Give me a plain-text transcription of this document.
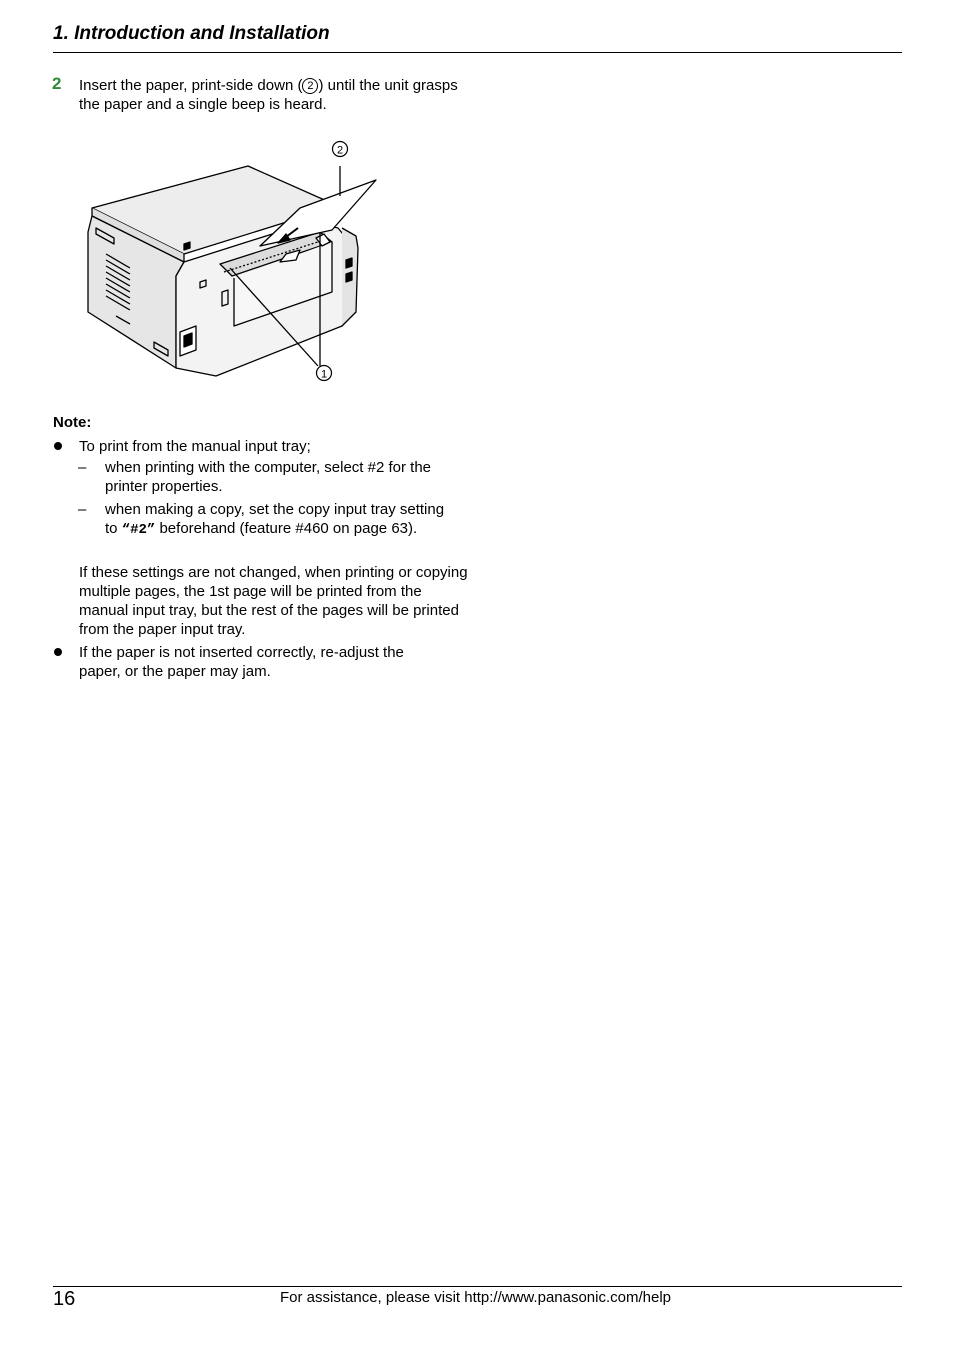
1. Introduction and Installation
2 Insert the paper, print-side down ( 2 ) until the unit grasps the paper and a single beep is heard.
2
1
Note:
To print from the manual input tray;
– when printing with the computer, select #2 for the printer properties.
– when making a copy, set the copy input tray setting to “#2” beforehand (feature #460 on page 63).
If these settings are not changed, when printing or copying multiple pages, the 1st page will be printed from the manual input tray, but the rest of the pages will be printed from the paper input tray.
If the paper is not inserted correctly, re-adjust the paper, or the paper may jam.
16	For assistance, please visit http://www.panasonic.com/help
